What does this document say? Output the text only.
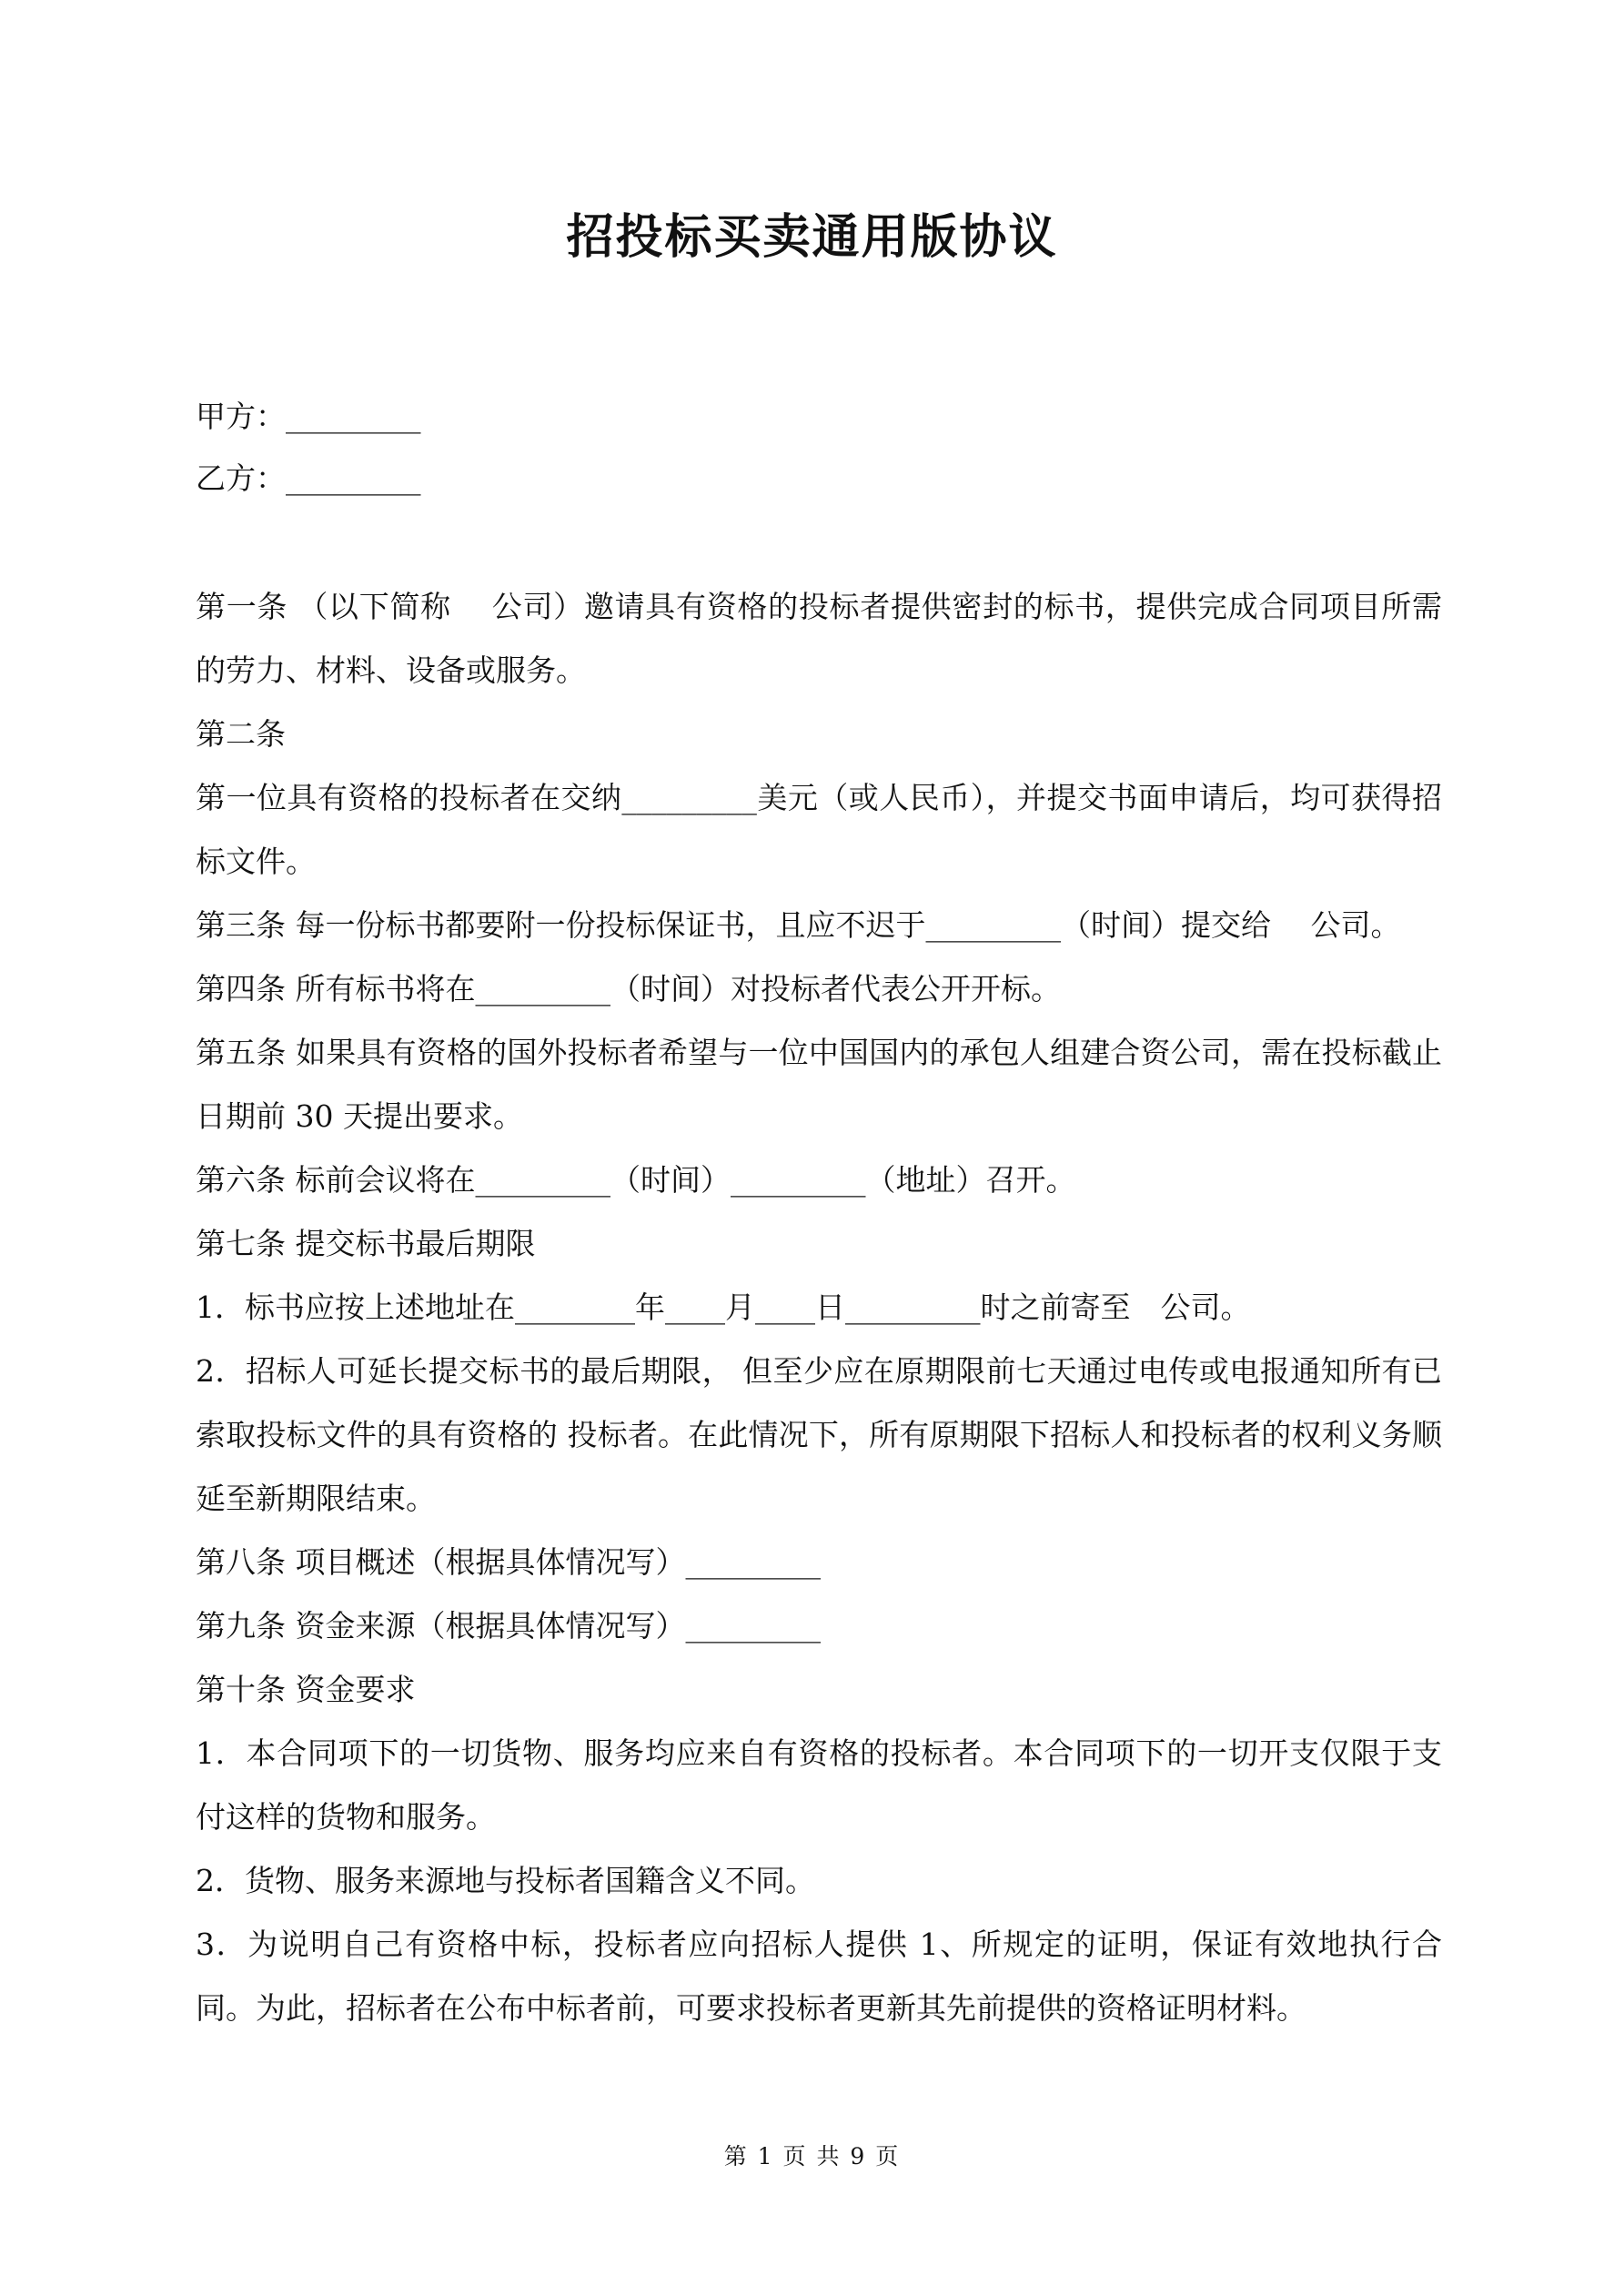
招投标买卖通用版协议
甲方：_________
乙方：_________

第一条 （以下简称　 公司）邀请具有资格的投标者提供密封的标书，提供完成合同项目所需的劳力、材料、设备或服务。

第二条

第一位具有资格的投标者在交纳_________美元（或人民币），并提交书面申请后，均可获得招标文件。

第三条 每一份标书都要附一份投标保证书，且应不迟于_________（时间）提交给　 公司。

第四条 所有标书将在_________（时间）对投标者代表公开开标。

第五条 如果具有资格的国外投标者希望与一位中国国内的承包人组建合资公司，需在投标截止日期前 30 天提出要求。

第六条 标前会议将在_________（时间）_________（地址）召开。

第七条 提交标书最后期限

1．标书应按上述地址在________年____月____日_________时之前寄至　公司。

2．招标人可延长提交标书的最后期限， 但至少应在原期限前七天通过电传或电报通知所有已索取投标文件的具有资格的 投标者。在此情况下，所有原期限下招标人和投标者的权利义务顺延至新期限结束。

第八条 项目概述（根据具体情况写）_________

第九条 资金来源（根据具体情况写）_________

第十条 资金要求

1．本合同项下的一切货物、服务均应来自有资格的投标者。本合同项下的一切开支仅限于支付这样的货物和服务。

2．货物、服务来源地与投标者国籍含义不同。

3．为说明自己有资格中标，投标者应向招标人提供 1、所规定的证明，保证有效地执行合同。为此，招标者在公布中标者前，可要求投标者更新其先前提供的资格证明材料。

第 1 页 共 9 页
